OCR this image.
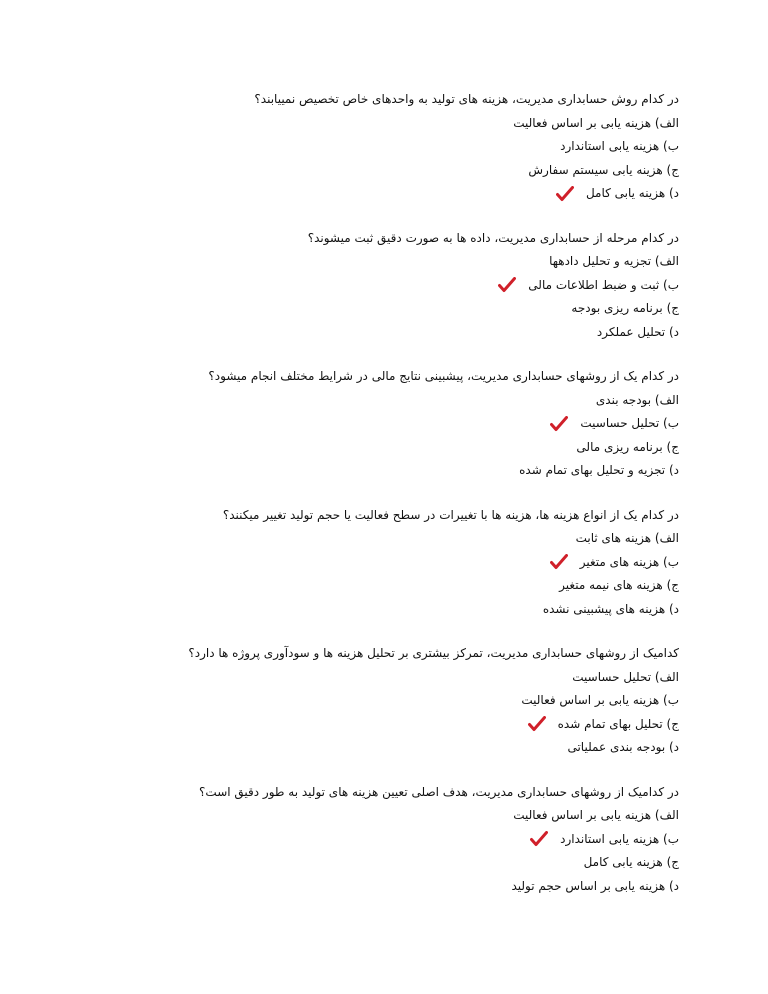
در کدام روش حسابداری مدیریت، هزینه های تولید به واحدهای خاص تخصیص نمییابند؟
الف) هزینه یابی بر اساس فعالیت
ب) هزینه یابی استاندارد
ج) هزینه یابی سیستم سفارش
د) هزینه یابی کامل
در کدام مرحله از حسابداری مدیریت، داده ها به صورت دقیق ثبت میشوند؟
الف) تجزیه و تحلیل دادهها
ب) ثبت و ضبط اطلاعات مالی
ج) برنامه ریزی بودجه
د) تحلیل عملکرد
در کدام یک از روشهای حسابداری مدیریت، پیشبینی نتایج مالی در شرایط مختلف انجام میشود؟
الف) بودجه بندی
ب) تحلیل حساسیت
ج) برنامه ریزی مالی
د) تجزیه و تحلیل بهای تمام شده
در کدام یک از انواع هزینه ها، هزینه ها با تغییرات در سطح فعالیت یا حجم تولید تغییر میکنند؟
الف) هزینه های ثابت
ب) هزینه های متغیر
ج) هزینه های نیمه متغیر
د) هزینه های پیشبینی نشده
کدامیک از روشهای حسابداری مدیریت، تمرکز بیشتری بر تحلیل هزینه ها و سودآوری پروژه ها دارد؟
الف) تحلیل حساسیت
ب) هزینه یابی بر اساس فعالیت
ج) تحلیل بهای تمام شده
د) بودجه بندی عملیاتی
در کدامیک از روشهای حسابداری مدیریت، هدف اصلی تعیین هزینه های تولید به طور دقیق است؟
الف) هزینه یابی بر اساس فعالیت
ب) هزینه یابی استاندارد
ج) هزینه یابی کامل
د) هزینه یابی بر اساس حجم تولید
